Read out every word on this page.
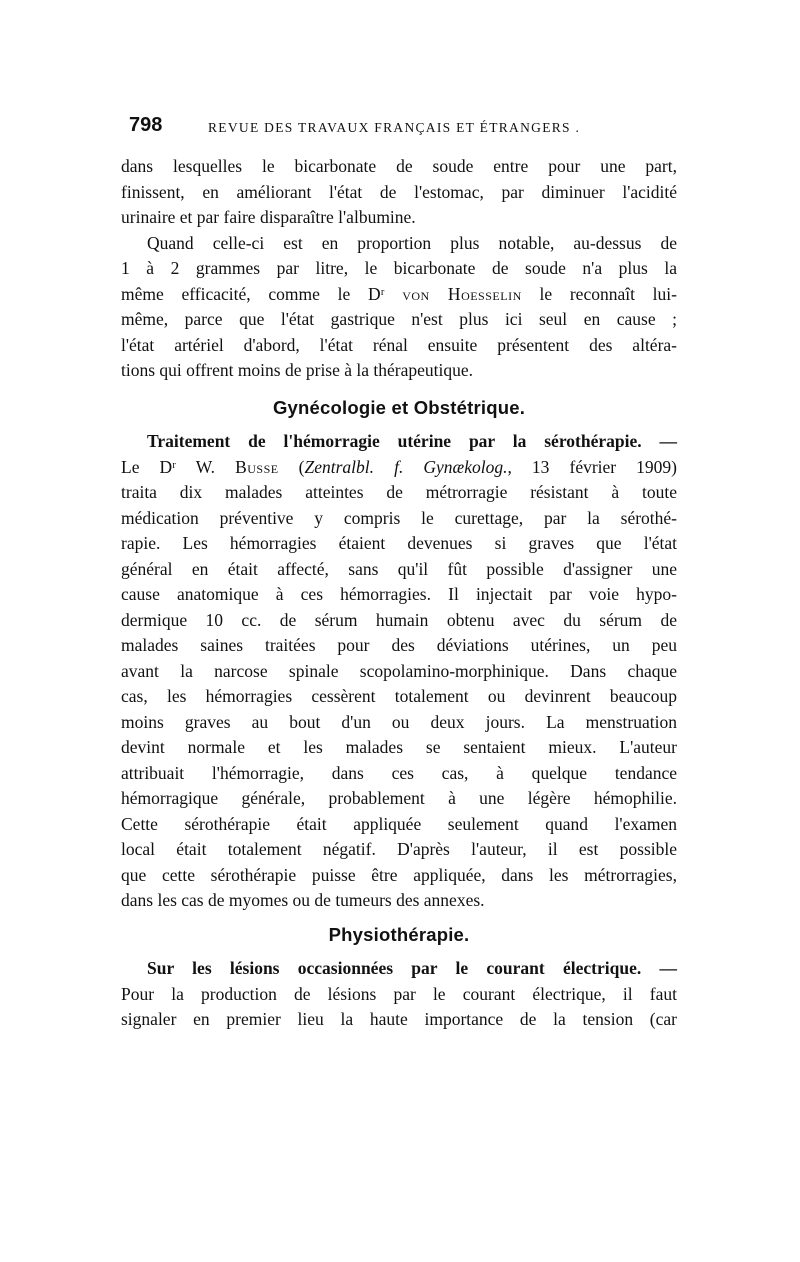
798	REVUE DES TRAVAUX FRANÇAIS ET ÉTRANGERS .
dans lesquelles le bicarbonate de soude entre pour une part,
finissent, en améliorant l'état de l'estomac, par diminuer l'acidité
urinaire et par faire disparaître l'albumine.
Quand celle-ci est en proportion plus notable, au-dessus de
1 à 2 grammes par litre, le bicarbonate de soude n'a plus la
même efficacité, comme le Dʳ von Hoesselin le reconnaît lui-
même, parce que l'état gastrique n'est plus ici seul en cause ;
l'état artériel d'abord, l'état rénal ensuite présentent des altéra-
tions qui offrent moins de prise à la thérapeutique.
Gynécologie et Obstétrique.
Traitement de l'hémorragie utérine par la sérothérapie. —
Le Dʳ W. Busse (Zentralbl. f. Gynækolog., 13 février 1909)
traita dix malades atteintes de métrorragie résistant à toute
médication préventive y compris le curettage, par la sérothé-
rapie. Les hémorragies étaient devenues si graves que l'état
général en était affecté, sans qu'il fût possible d'assigner une
cause anatomique à ces hémorragies. Il injectait par voie hypo-
dermique 10 cc. de sérum humain obtenu avec du sérum de
malades saines traitées pour des déviations utérines, un peu
avant la narcose spinale scopolamino-morphinique. Dans chaque
cas, les hémorragies cessèrent totalement ou devinrent beaucoup
moins graves au bout d'un ou deux jours. La menstruation
devint normale et les malades se sentaient mieux. L'auteur
attribuait l'hémorragie, dans ces cas, à quelque tendance
hémorragique générale, probablement à une légère hémophilie.
Cette sérothérapie était appliquée seulement quand l'examen
local était totalement négatif. D'après l'auteur, il est possible
que cette sérothérapie puisse être appliquée, dans les métrorragies,
dans les cas de myomes ou de tumeurs des annexes.
Physiothérapie.
Sur les lésions occasionnées par le courant électrique. —
Pour la production de lésions par le courant électrique, il faut
signaler en premier lieu la haute importance de la tension (car
